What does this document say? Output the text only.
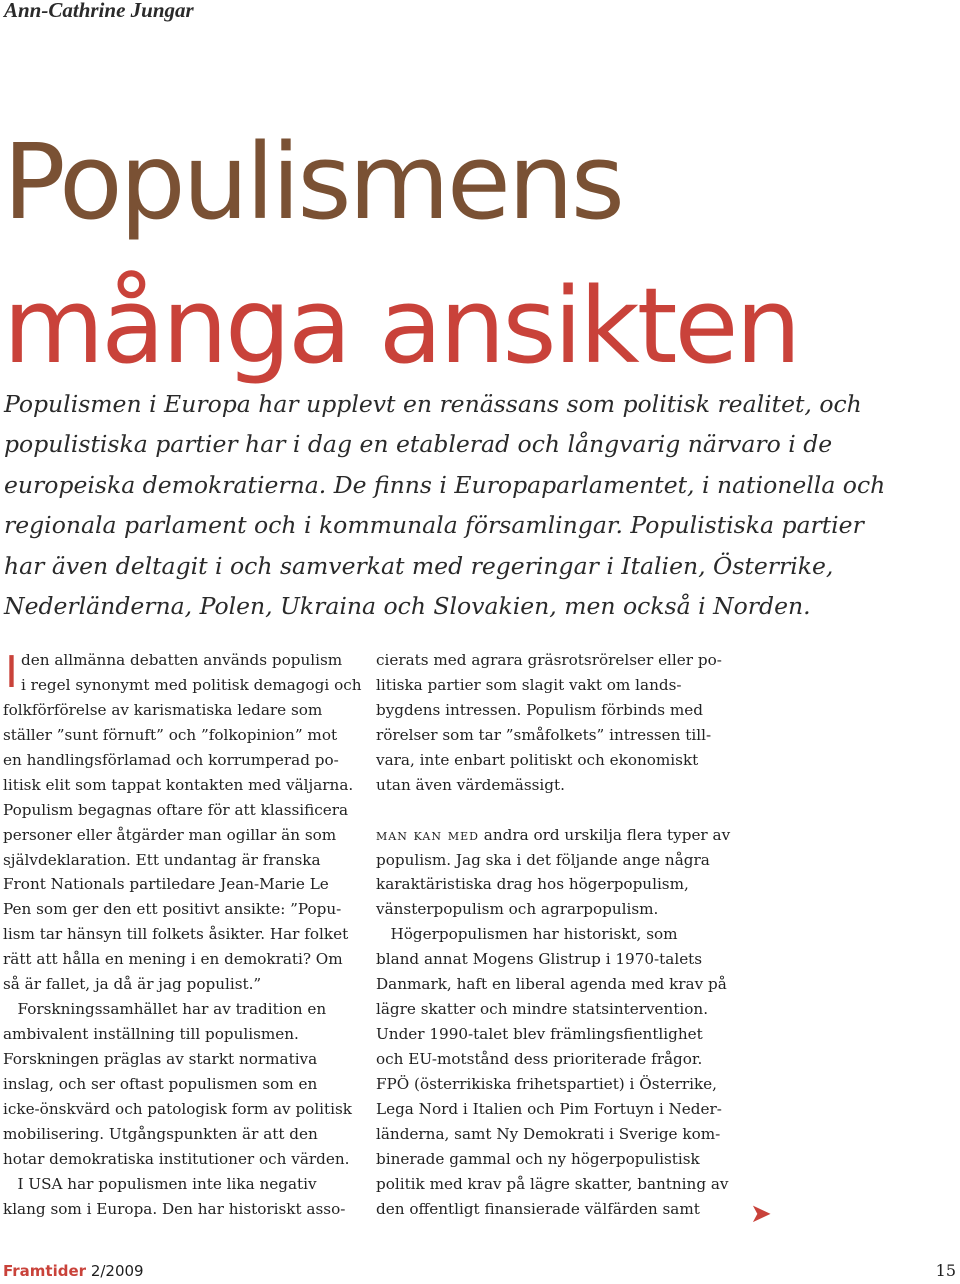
Ann-Cathrine Jungar
Populismens
många ansikten
Populismen i Europa har upplevt en renässans som politisk realitet, och
populistiska partier har i dag en etablerad och långvarig närvaro i de
europeiska demokratierna. De finns i Europaparlamentet, i nationella och
regionala parlament och i kommunala församlingar. Populistiska partier
har även deltagit i och samverkat med regeringar i Italien, Österrike,
Nederländerna, Polen, Ukraina och Slovakien, men också i Norden.
I den allmänna debatten används populism
i regel synonymt med politisk demagogi och
folkförförelse av karismatiska ledare som
ställer ”sunt förnuft” och ”folkopinion” mot
en handlingsförlamad och korrumperad po-
litisk elit som tappat kontakten med väljarna.
Populism begagnas oftare för att klassificera
personer eller åtgärder man ogillar än som
självdeklaration. Ett undantag är franska
Front Nationals partiledare Jean-Marie Le
Pen som ger den ett positivt ansikte: ”Popu-
lism tar hänsyn till folkets åsikter. Har folket
rätt att hålla en mening i en demokrati? Om
så är fallet, ja då är jag populist.”
Forskningssamhället har av tradition en
ambivalent inställning till populismen.
Forskningen präglas av starkt normativa
inslag, och ser oftast populismen som en
icke-önskvärd och patologisk form av politisk
mobilisering. Utgångspunkten är att den
hotar demokratiska institutioner och värden.
I USA har populismen inte lika negativ
klang som i Europa. Den har historiskt asso-
cierats med agrara gräsrotsrörelser eller po-
litiska partier som slagit vakt om lands-
bygdens intressen. Populism förbinds med
rörelser som tar ”småfolkets” intressen till-
vara, inte enbart politiskt och ekonomiskt
utan även värdemässigt.
man kan med andra ord urskilja flera typer av
populism. Jag ska i det följande ange några
karaktäristiska drag hos högerpopulism,
vänsterpopulism och agrarpopulism.
Högerpopulismen har historiskt, som
bland annat Mogens Glistrup i 1970-talets
Danmark, haft en liberal agenda med krav på
lägre skatter och mindre statsintervention.
Under 1990-talet blev främlingsfientlighet
och EU-motstånd dess prioriterade frågor.
FPÖ (österrikiska frihetspartiet) i Österrike,
Lega Nord i Italien och Pim Fortuyn i Neder-
länderna, samt Ny Demokrati i Sverige kom-
binerade gammal och ny högerpopulistisk
politik med krav på lägre skatter, bantning av
den offentligt finansierade välfärden samt	➤
Framtider 2/2009	15
